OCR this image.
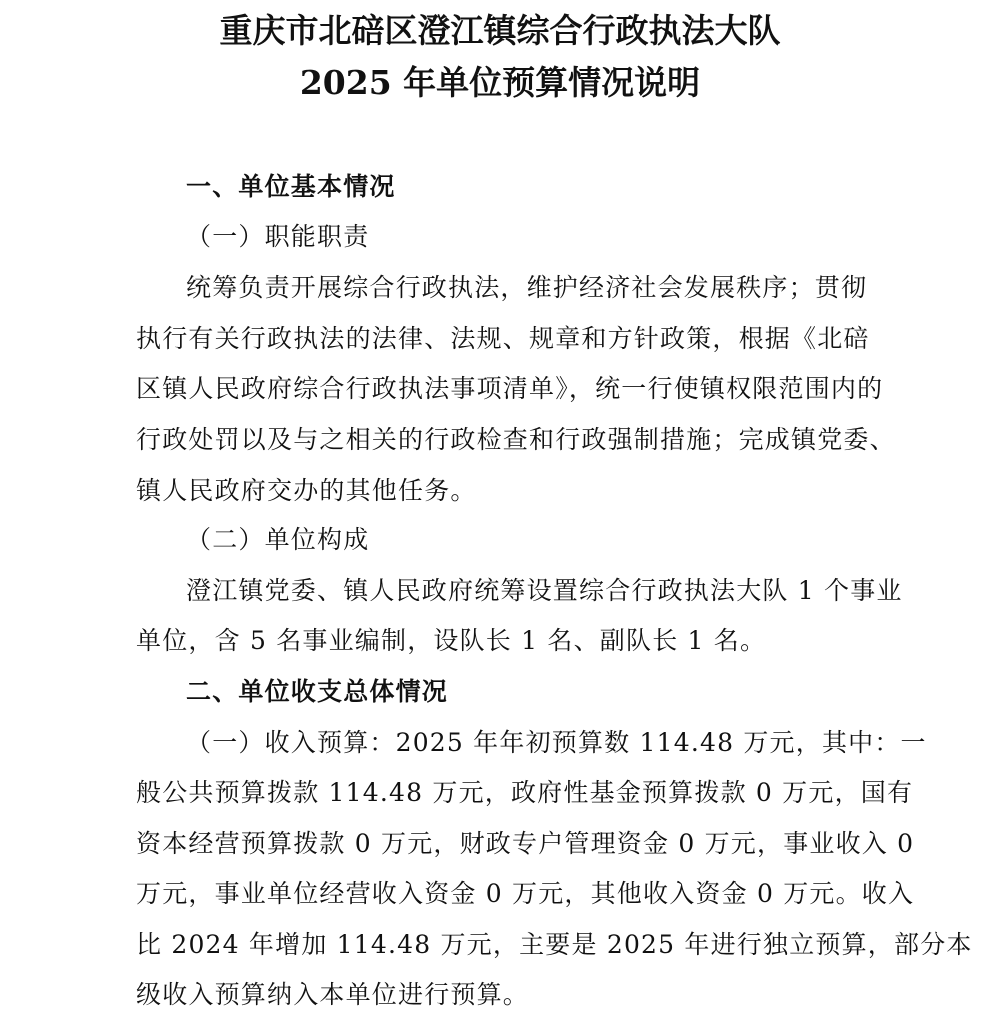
重庆市北碚区澄江镇综合行政执法大队
2025 年单位预算情况说明
一、单位基本情况
（一）职能职责
统筹负责开展综合行政执法，维护经济社会发展秩序；贯彻
执行有关行政执法的法律、法规、规章和方针政策，根据《北碚
区镇人民政府综合行政执法事项清单》，统一行使镇权限范围内的
行政处罚以及与之相关的行政检查和行政强制措施；完成镇党委、
镇人民政府交办的其他任务。
（二）单位构成
澄江镇党委、镇人民政府统筹设置综合行政执法大队 1 个事业
单位，含 5 名事业编制，设队长 1 名、副队长 1 名。
二、单位收支总体情况
（一）收入预算：2025 年年初预算数 114.48 万元，其中：一
般公共预算拨款 114.48 万元，政府性基金预算拨款 0 万元，国有
资本经营预算拨款 0 万元，财政专户管理资金 0 万元，事业收入 0
万元，事业单位经营收入资金 0 万元，其他收入资金 0 万元。收入
比 2024 年增加 114.48 万元，主要是 2025 年进行独立预算，部分本
级收入预算纳入本单位进行预算。
